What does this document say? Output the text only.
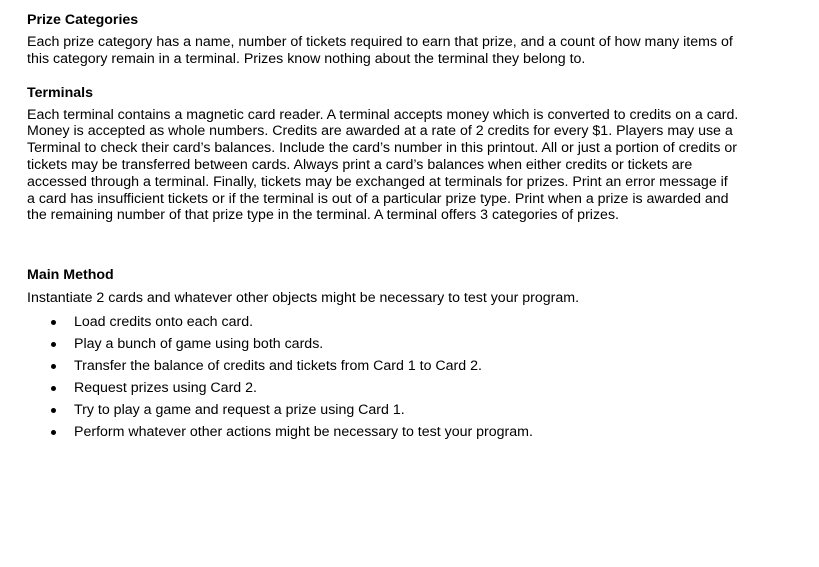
Prize Categories

Each prize category has a name, number of tickets required to earn that prize, and a count of how many items of this category remain in a terminal. Prizes know nothing about the terminal they belong to.

Terminals

Each terminal contains a magnetic card reader. A terminal accepts money which is converted to credits on a card. Money is accepted as whole numbers. Credits are awarded at a rate of 2 credits for every $1. Players may use a Terminal to check their card’s balances. Include the card’s number in this printout. All or just a portion of credits or tickets may be transferred between cards. Always print a card’s balances when either credits or tickets are accessed through a terminal. Finally, tickets may be exchanged at terminals for prizes. Print an error message if a card has insufficient tickets or if the terminal is out of a particular prize type. Print when a prize is awarded and the remaining number of that prize type in the terminal. A terminal offers 3 categories of prizes.

Main Method

Instantiate 2 cards and whatever other objects might be necessary to test your program.

Load credits onto each card.
Play a bunch of game using both cards.
Transfer the balance of credits and tickets from Card 1 to Card 2.
Request prizes using Card 2.
Try to play a game and request a prize using Card 1.
Perform whatever other actions might be necessary to test your program.
